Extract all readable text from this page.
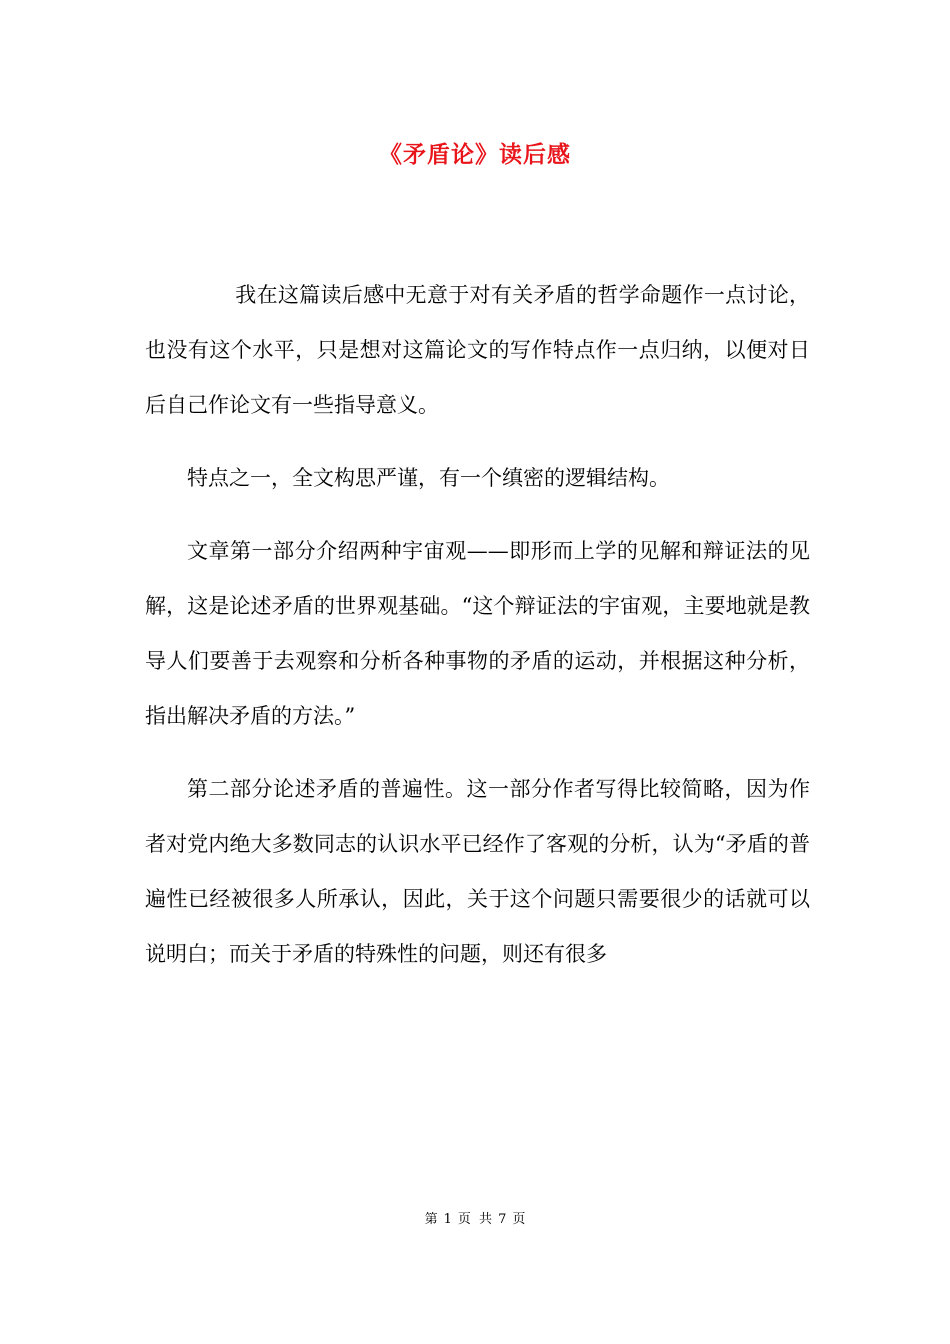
《矛盾论》读后感

我在这篇读后感中无意于对有关矛盾的哲学命题作一点讨论，也没有这个水平，只是想对这篇论文的写作特点作一点归纳，以便对日后自己作论文有一些指导意义。

特点之一，全文构思严谨，有一个缜密的逻辑结构。

文章第一部分介绍两种宇宙观——即形而上学的见解和辩证法的见解，这是论述矛盾的世界观基础。“这个辩证法的宇宙观，主要地就是教导人们要善于去观察和分析各种事物的矛盾的运动，并根据这种分析，指出解决矛盾的方法。”

第二部分论述矛盾的普遍性。这一部分作者写得比较简略，因为作者对党内绝大多数同志的认识水平已经作了客观的分析，认为“矛盾的普遍性已经被很多人所承认，因此，关于这个问题只需要很少的话就可以说明白；而关于矛盾的特殊性的问题，则还有很多

第 1 页 共 7 页
